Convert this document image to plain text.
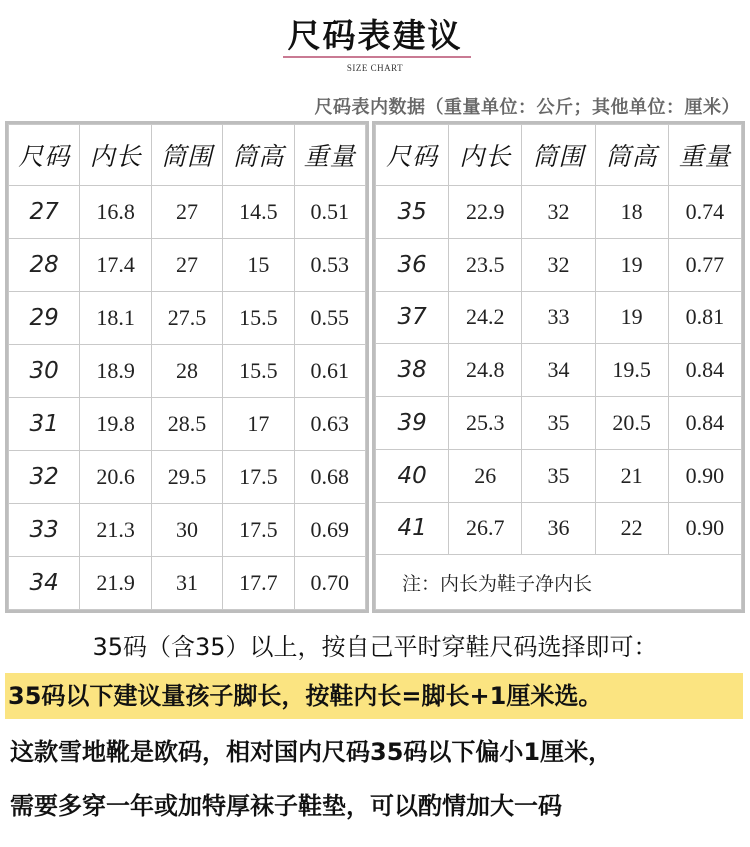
尺码表建议
SIZE CHART
尺码表内数据（重量单位：公斤；其他单位：厘米）
尺码	内长	筒围	筒高	重量
27	16.8	27	14.5	0.51
28	17.4	27	15	0.53
29	18.1	27.5	15.5	0.55
30	18.9	28	15.5	0.61
31	19.8	28.5	17	0.63
32	20.6	29.5	17.5	0.68
33	21.3	30	17.5	0.69
34	21.9	31	17.7	0.70
尺码	内长	筒围	筒高	重量
35	22.9	32	18	0.74
36	23.5	32	19	0.77
37	24.2	33	19	0.81
38	24.8	34	19.5	0.84
39	25.3	35	20.5	0.84
40	26	35	21	0.90
41	26.7	36	22	0.90
注：内长为鞋子净内长				
35码（含35）以上，按自己平时穿鞋尺码选择即可：
35码以下建议量孩子脚长，按鞋内长=脚长+1厘米选。
这款雪地靴是欧码，相对国内尺码35码以下偏小1厘米，
需要多穿一年或加特厚袜子鞋垫，可以酌情加大一码
